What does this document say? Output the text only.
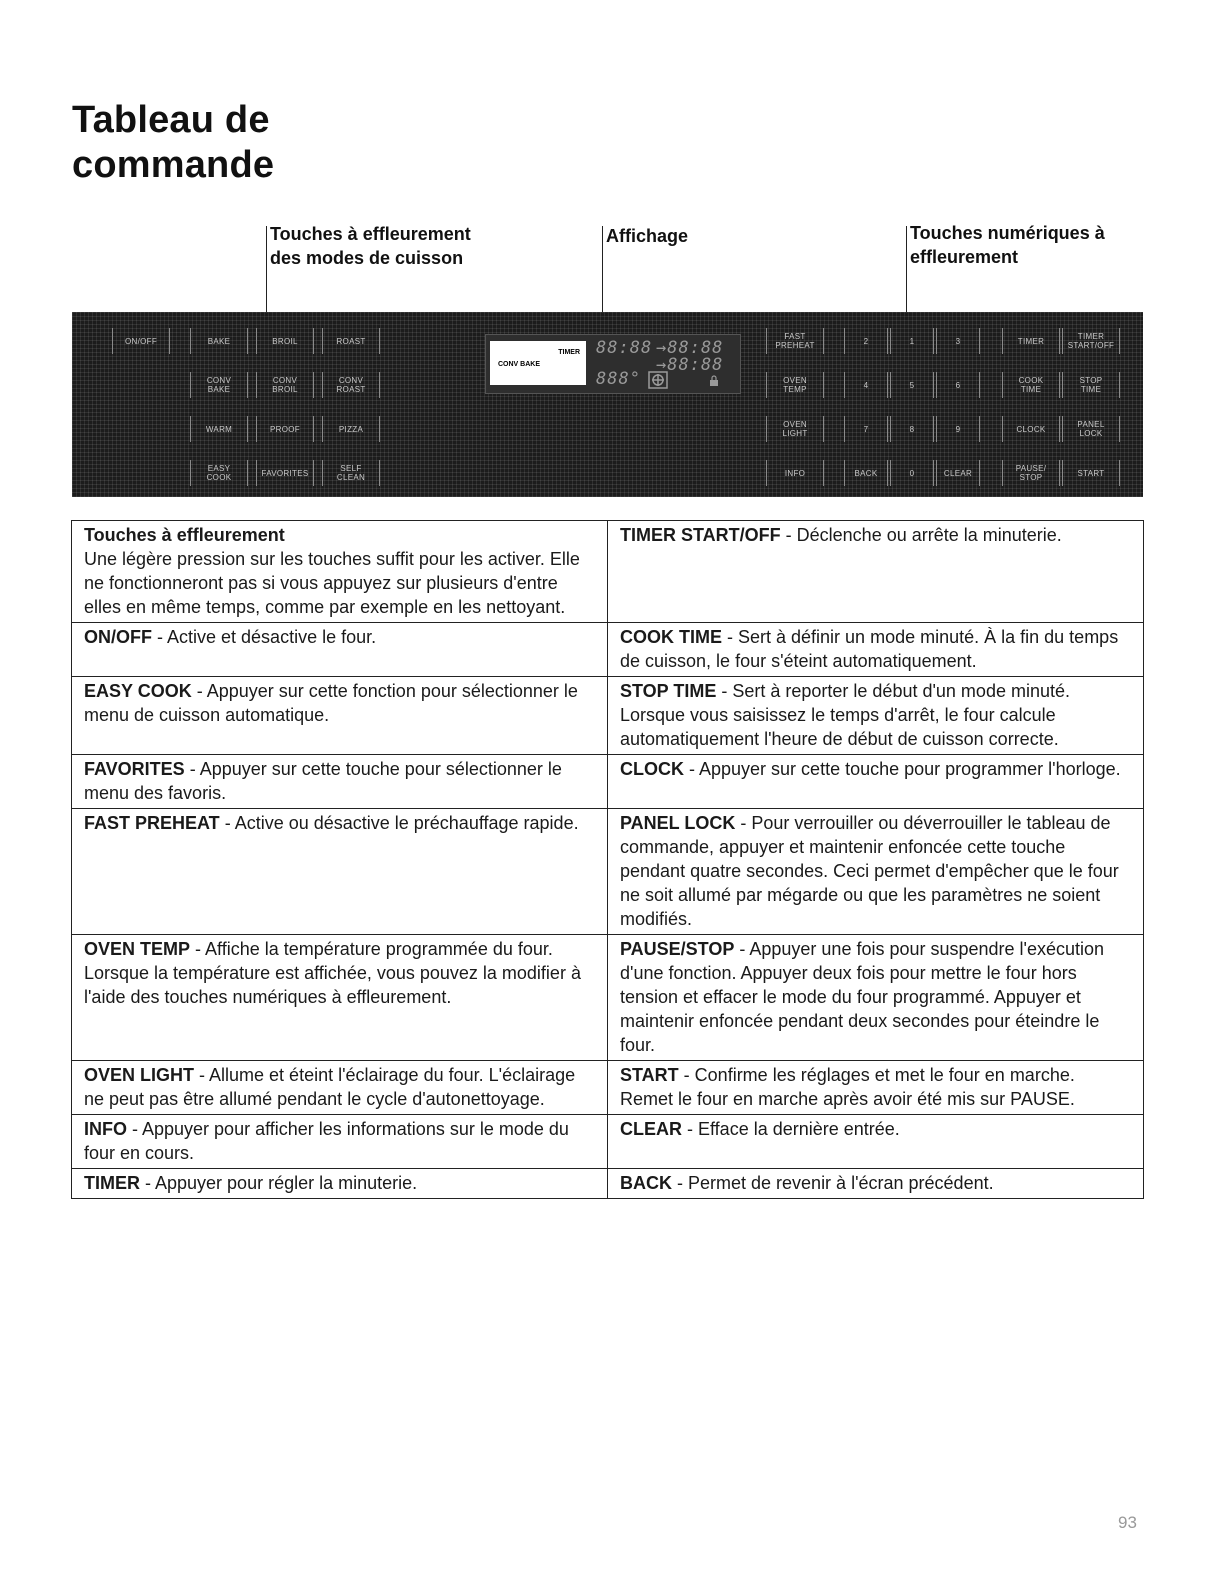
Tableau de
commande
Touches à effleurement
des modes de cuisson
Affichage	Touches numériques à
effleurement
ON/OFF	BAKE	BROIL	ROAST
CONV
BAKE
CONV
BROIL
CONV
ROAST
WARM	PROOF	PIZZA
EASY
COOK	FAVORITES	SELF
CLEAN
TIMER
CONV BAKE
88:88 →88:88
→88:88
888°
FAST
PREHEAT
OVEN
TEMP
OVEN
LIGHT
INFO
2	1	3
4	5	6
7	8	9
BACK	0	CLEAR
TIMER	TIMER
START/OFF
COOK
TIME
STOP
TIME
CLOCK	PANEL
LOCK
PAUSE/
STOP	START
Touches à effleurement
Une légère pression sur les touches suffit pour les activer. Elle ne fonctionneront pas si vous appuyez sur plusieurs d'entre elles en même temps, comme par exemple en les nettoyant.	TIMER START/OFF - Déclenche ou arrête la minuterie.
ON/OFF - Active et désactive le four.	COOK TIME - Sert à définir un mode minuté. À la fin du temps de cuisson, le four s'éteint automatiquement.
EASY COOK - Appuyer sur cette fonction pour sélectionner le menu de cuisson automatique.	STOP TIME - Sert à reporter le début d'un mode minuté. Lorsque vous saisissez le temps d'arrêt, le four calcule automatiquement l'heure de début de cuisson correcte.
FAVORITES - Appuyer sur cette touche pour sélectionner le menu des favoris.	CLOCK - Appuyer sur cette touche pour programmer l'horloge.
FAST PREHEAT - Active ou désactive le préchauffage rapide.	PANEL LOCK - Pour verrouiller ou déverrouiller le tableau de commande, appuyer et maintenir enfoncée cette touche pendant quatre secondes. Ceci permet d'empêcher que le four ne soit allumé par mégarde ou que les paramètres ne soient modifiés.
OVEN TEMP - Affiche la température programmée du four. Lorsque la température est affichée, vous pouvez la modifier à l'aide des touches numériques à effleurement.	PAUSE/STOP - Appuyer une fois pour suspendre l'exécution d'une fonction. Appuyer deux fois pour mettre le four hors tension et effacer le mode du four programmé. Appuyer et maintenir enfoncée pendant deux secondes pour éteindre le four.
OVEN LIGHT - Allume et éteint l'éclairage du four. L'éclairage ne peut pas être allumé pendant le cycle d'autonettoyage.	START - Confirme les réglages et met le four en marche. Remet le four en marche après avoir été mis sur PAUSE.
INFO - Appuyer pour afficher les informations sur le mode du four en cours.	CLEAR - Efface la dernière entrée.
TIMER - Appuyer pour régler la minuterie.	BACK - Permet de revenir à l'écran précédent.
93
